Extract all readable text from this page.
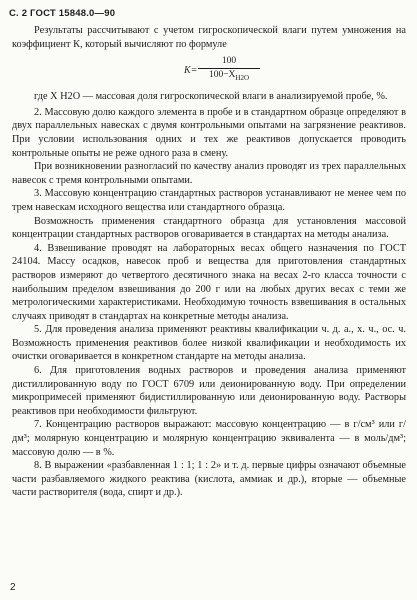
С. 2 ГОСТ 15848.0—90

Результаты рассчитывают с учетом гигроскопической влаги путем умножения на коэффициент К, который вычисляют по формуле

K=
100
$100-X_{H2O}$

где X H2O — массовая доля гигроскопической влаги в анализируемой пробе, %.

2. Массовую долю каждого элемента в пробе и в стандартном образце определяют в двух параллельных навесках с двумя контрольными опытами на загрязнение реактивов. При условии использования одних и тех же реактивов допускается проводить контрольные опыты не реже одного раза в смену.

При возникновении разногласий по качеству анализ проводят из трех параллельных навесок с тремя контрольными опытами.

3. Массовую концентрацию стандартных растворов устанавливают не менее чем по трем навескам исходного вещества или стандартного образца.

Возможность применения стандартного образца для установления массовой концентрации стандартных растворов оговаривается в стандартах на методы анализа.

4. Взвешивание проводят на лабораторных весах общего назначения по ГОСТ 24104. Массу осадков, навесок проб и вещества для приготовления стандартных растворов измеряют до четвертого десятичного знака на весах 2-го класса точности с наибольшим пределом взвешивания до 200 г или на любых других весах с теми же метрологическими характеристиками. Необходимую точность взвешивания в остальных случаях приводят в стандартах на конкретные методы анализа.

5. Для проведения анализа применяют реактивы квалификации ч. д. а., х. ч., ос. ч. Возможность применения реактивов более низкой квалификации и необходимость их очистки оговаривается в конкретном стандарте на методы анализа.

6. Для приготовления водных растворов и проведения анализа применяют дистиллированную воду по ГОСТ 6709 или деионированную воду. При определении микропримесей применяют бидистиллированную или деионированную воду. Растворы реактивов при необходимости фильтруют.

7. Концентрацию растворов выражают: массовую концентрацию — в г/см³ или г/дм³; молярную концентрацию и молярную концентрацию эквивалента — в моль/дм³; массовую долю — в %.

8. В выражении «разбавленная 1 : 1; 1 : 2» и т. д. первые цифры означают объемные части разбавляемого жидкого реактива (кислота, аммиак и др.), вторые — объемные части растворителя (вода, спирт и др.).

2
